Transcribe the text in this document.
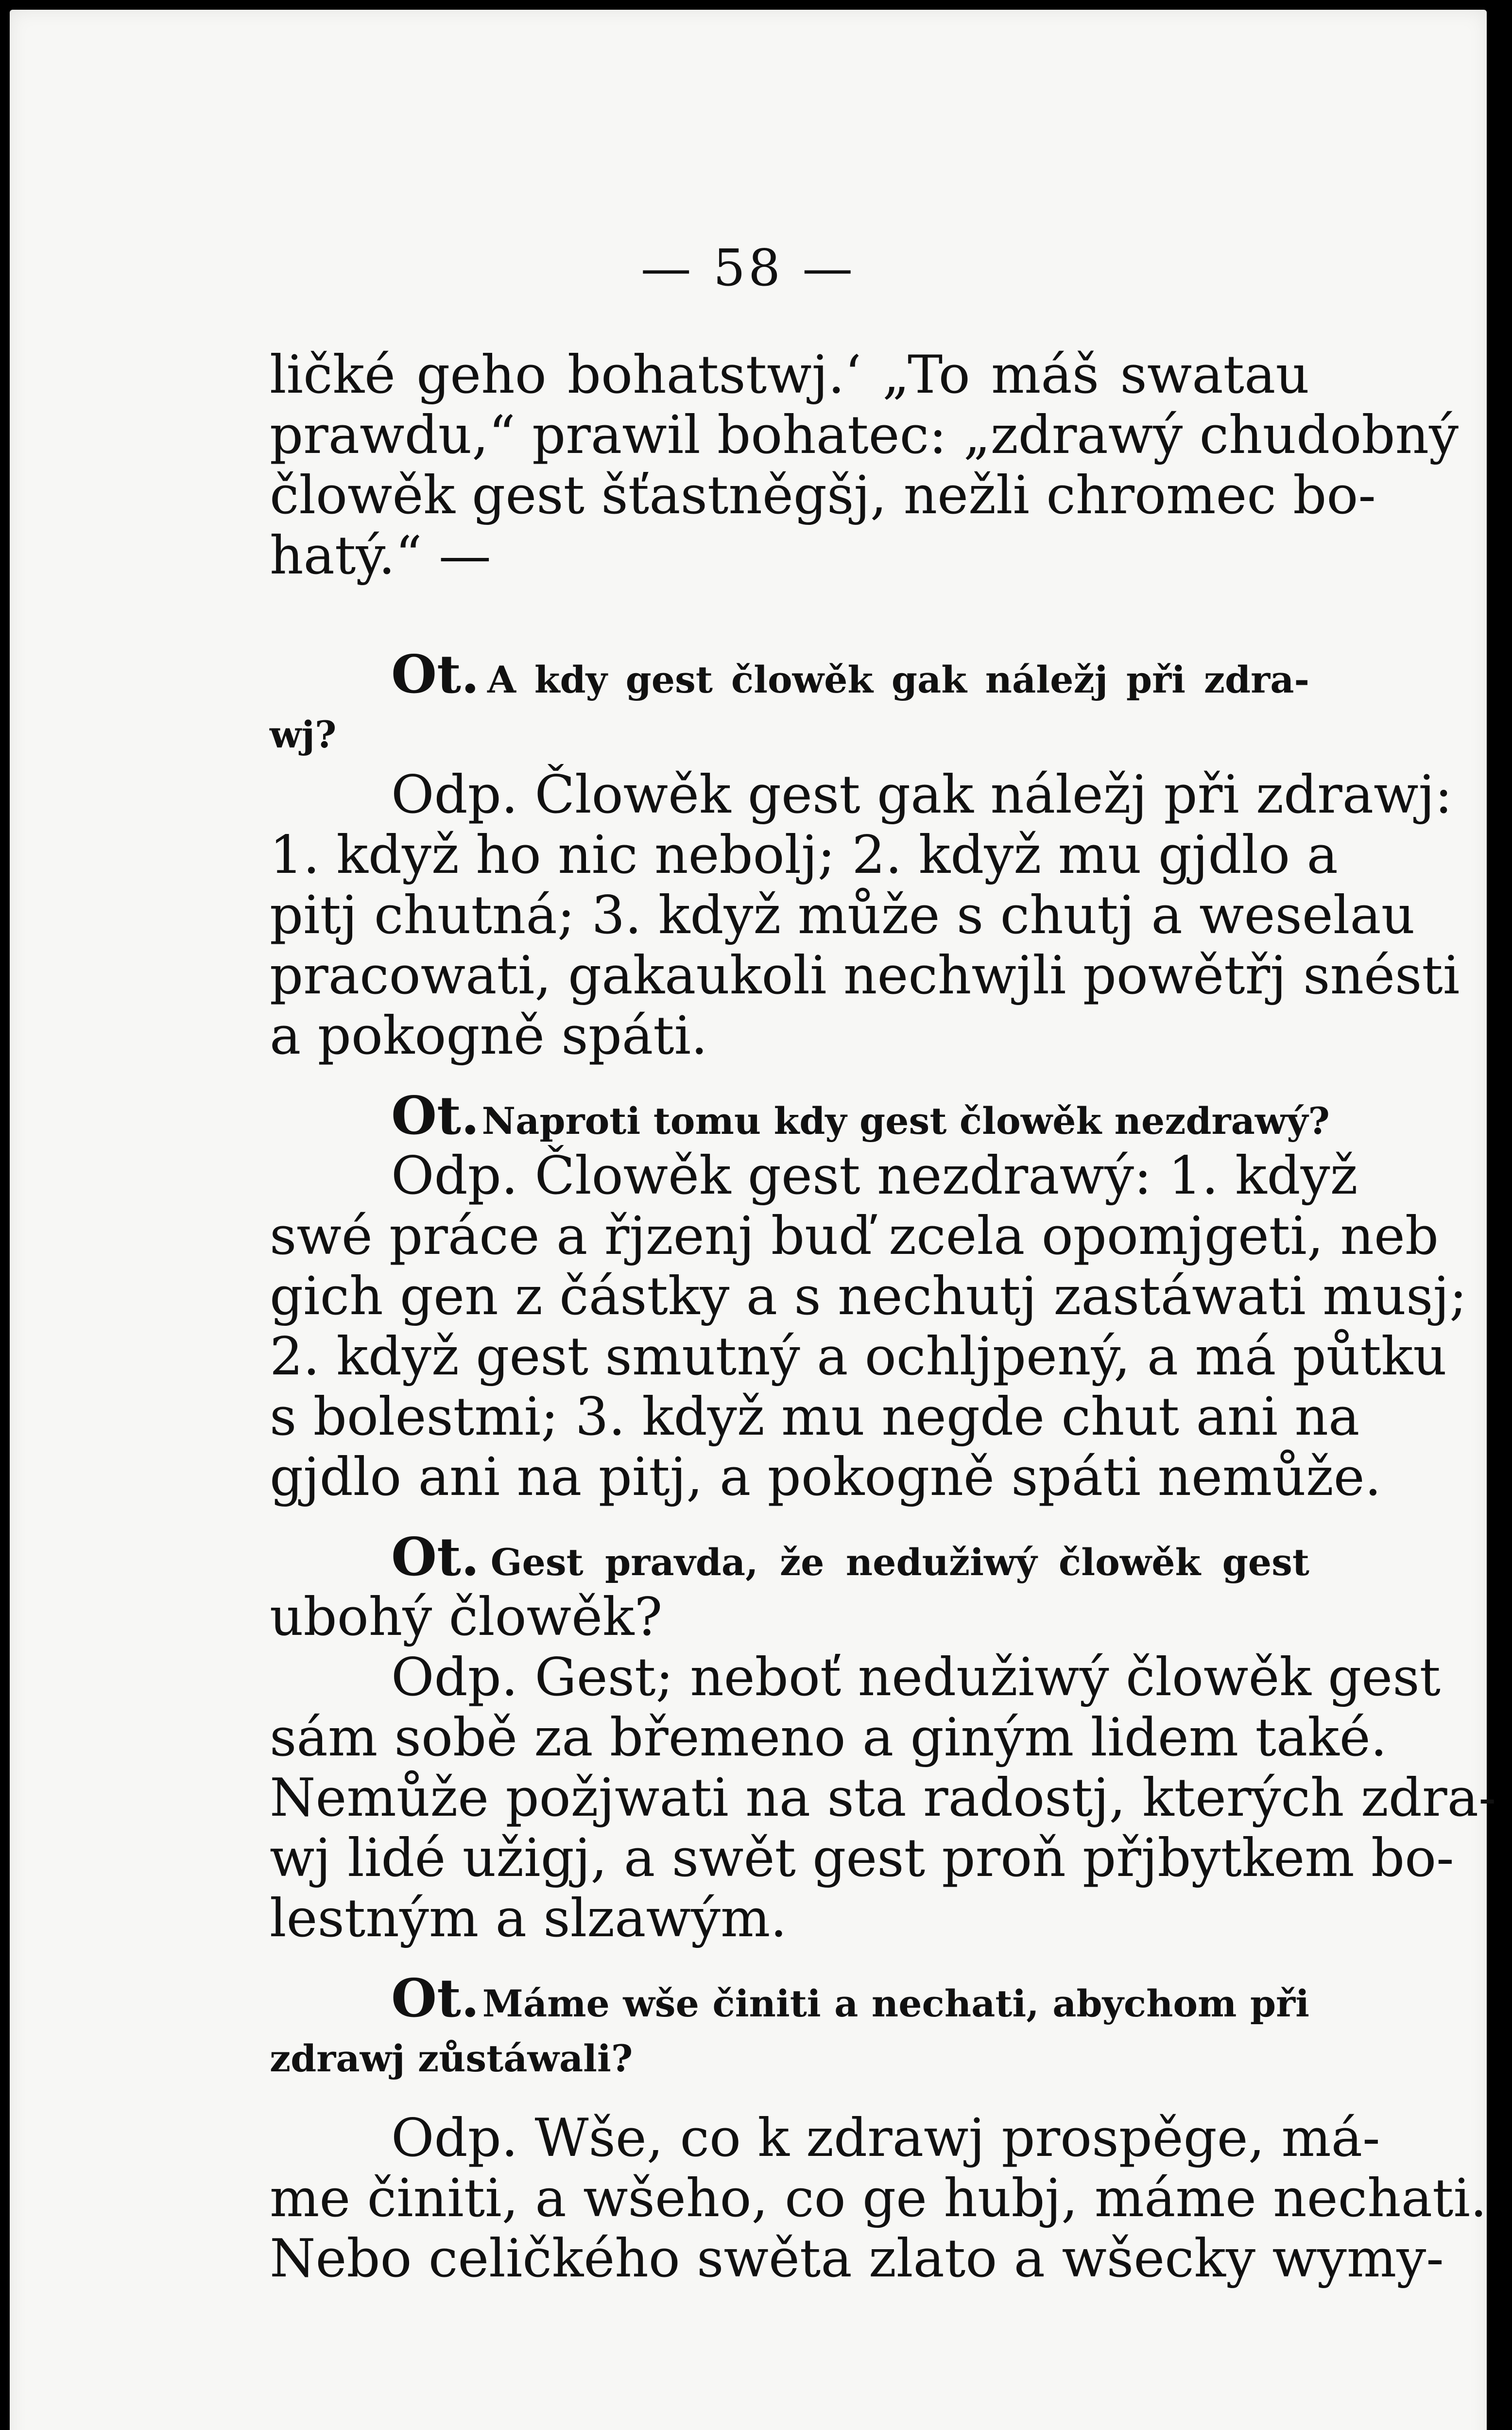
— 58 —
ličké geho bohatstwj.‘ „To máš swatau
prawdu,“ prawil bohatec: „zdrawý chudobný
člowěk gest šťastněgšj, nežli chromec bo-
hatý.“ —
Ot. A kdy gest člowěk gak náležj při zdra-
wj?
Odp. Člowěk gest gak náležj při zdrawj:
1. když ho nic nebolj; 2. když mu gjdlo a
pitj chutná; 3. když může s chutj a weselau
pracowati, gakaukoli nechwjli powětřj snésti
a pokogně spáti.
Ot. Naproti tomu kdy gest člowěk nezdrawý?
Odp. Člowěk gest nezdrawý: 1. když
swé práce a řjzenj buď zcela opomjgeti, neb
gich gen z částky a s nechutj zastáwati musj;
2. když gest smutný a ochljpený, a má půtku
s bolestmi; 3. když mu negde chut ani na
gjdlo ani na pitj, a pokogně spáti nemůže.
Ot. Gest pravda, že nedužiwý člowěk gest
ubohý člowěk?
Odp. Gest; neboť nedužiwý člowěk gest
sám sobě za břemeno a giným lidem také.
Nemůže požjwati na sta radostj, kterých zdra-
wj lidé užigj, a swět gest proň přjbytkem bo-
lestným a slzawým.
Ot. Máme wše činiti a nechati, abychom při
zdrawj zůstáwali?
Odp. Wše, co k zdrawj prospěge, má-
me činiti, a wšeho, co ge hubj, máme nechati.
Nebo celičkého swěta zlato a wšecky wymy-
